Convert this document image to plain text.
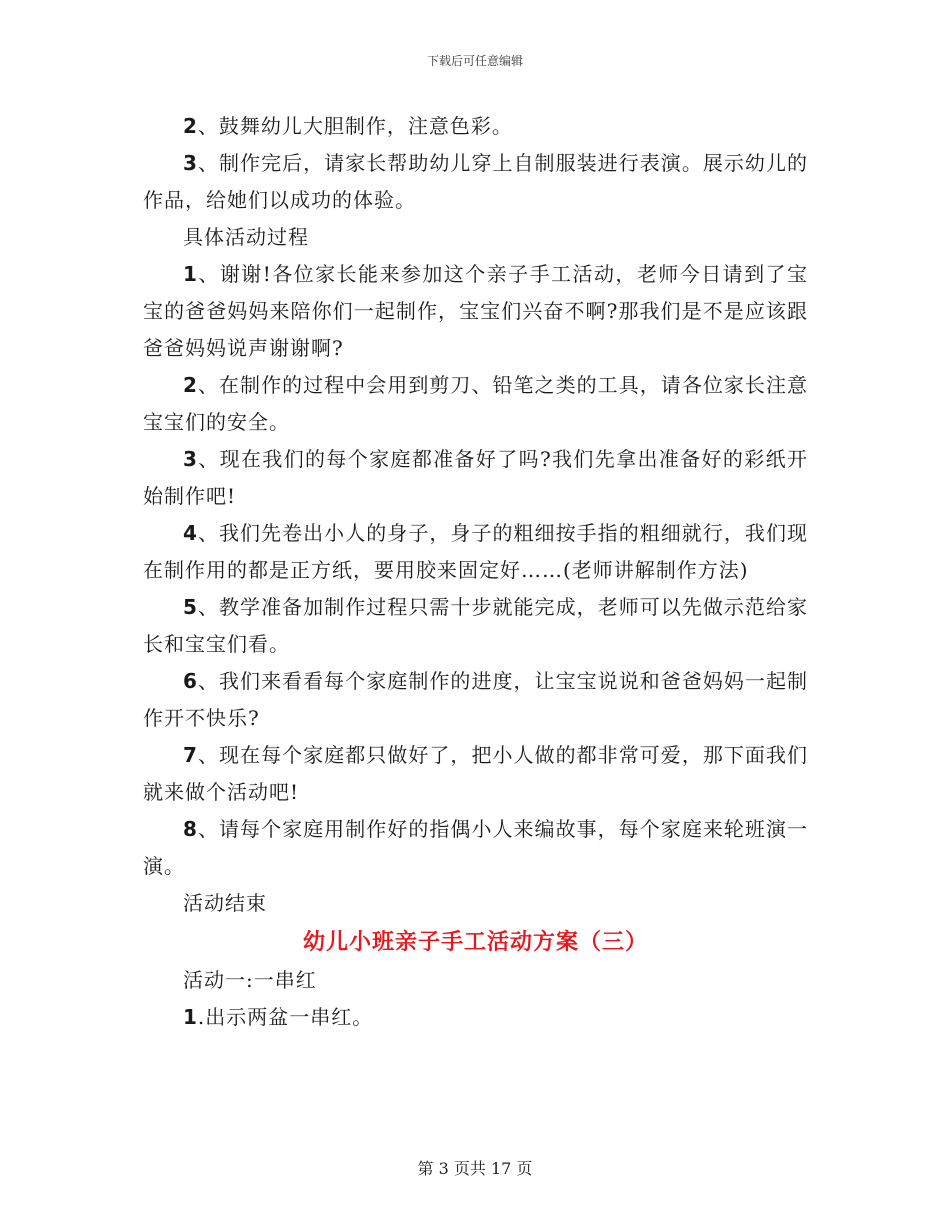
下载后可任意编辑

2、鼓舞幼儿大胆制作，注意色彩。

3、制作完后，请家长帮助幼儿穿上自制服装进行表演。展示幼儿的作品，给她们以成功的体验。

具体活动过程

1、谢谢!各位家长能来参加这个亲子手工活动，老师今日请到了宝宝的爸爸妈妈来陪你们一起制作，宝宝们兴奋不啊?那我们是不是应该跟爸爸妈妈说声谢谢啊?

2、在制作的过程中会用到剪刀、铅笔之类的工具，请各位家长注意宝宝们的安全。

3、现在我们的每个家庭都准备好了吗?我们先拿出准备好的彩纸开始制作吧!

4、我们先卷出小人的身子，身子的粗细按手指的粗细就行，我们现在制作用的都是正方纸，要用胶来固定好……(老师讲解制作方法)

5、教学准备加制作过程只需十步就能完成，老师可以先做示范给家长和宝宝们看。

6、我们来看看每个家庭制作的进度，让宝宝说说和爸爸妈妈一起制作开不快乐?

7、现在每个家庭都只做好了，把小人做的都非常可爱，那下面我们就来做个活动吧!

8、请每个家庭用制作好的指偶小人来编故事，每个家庭来轮班演一演。

活动结束

幼儿小班亲子手工活动方案（三）

活动一:一串红

1.出示两盆一串红。

第 3 页共 17 页
